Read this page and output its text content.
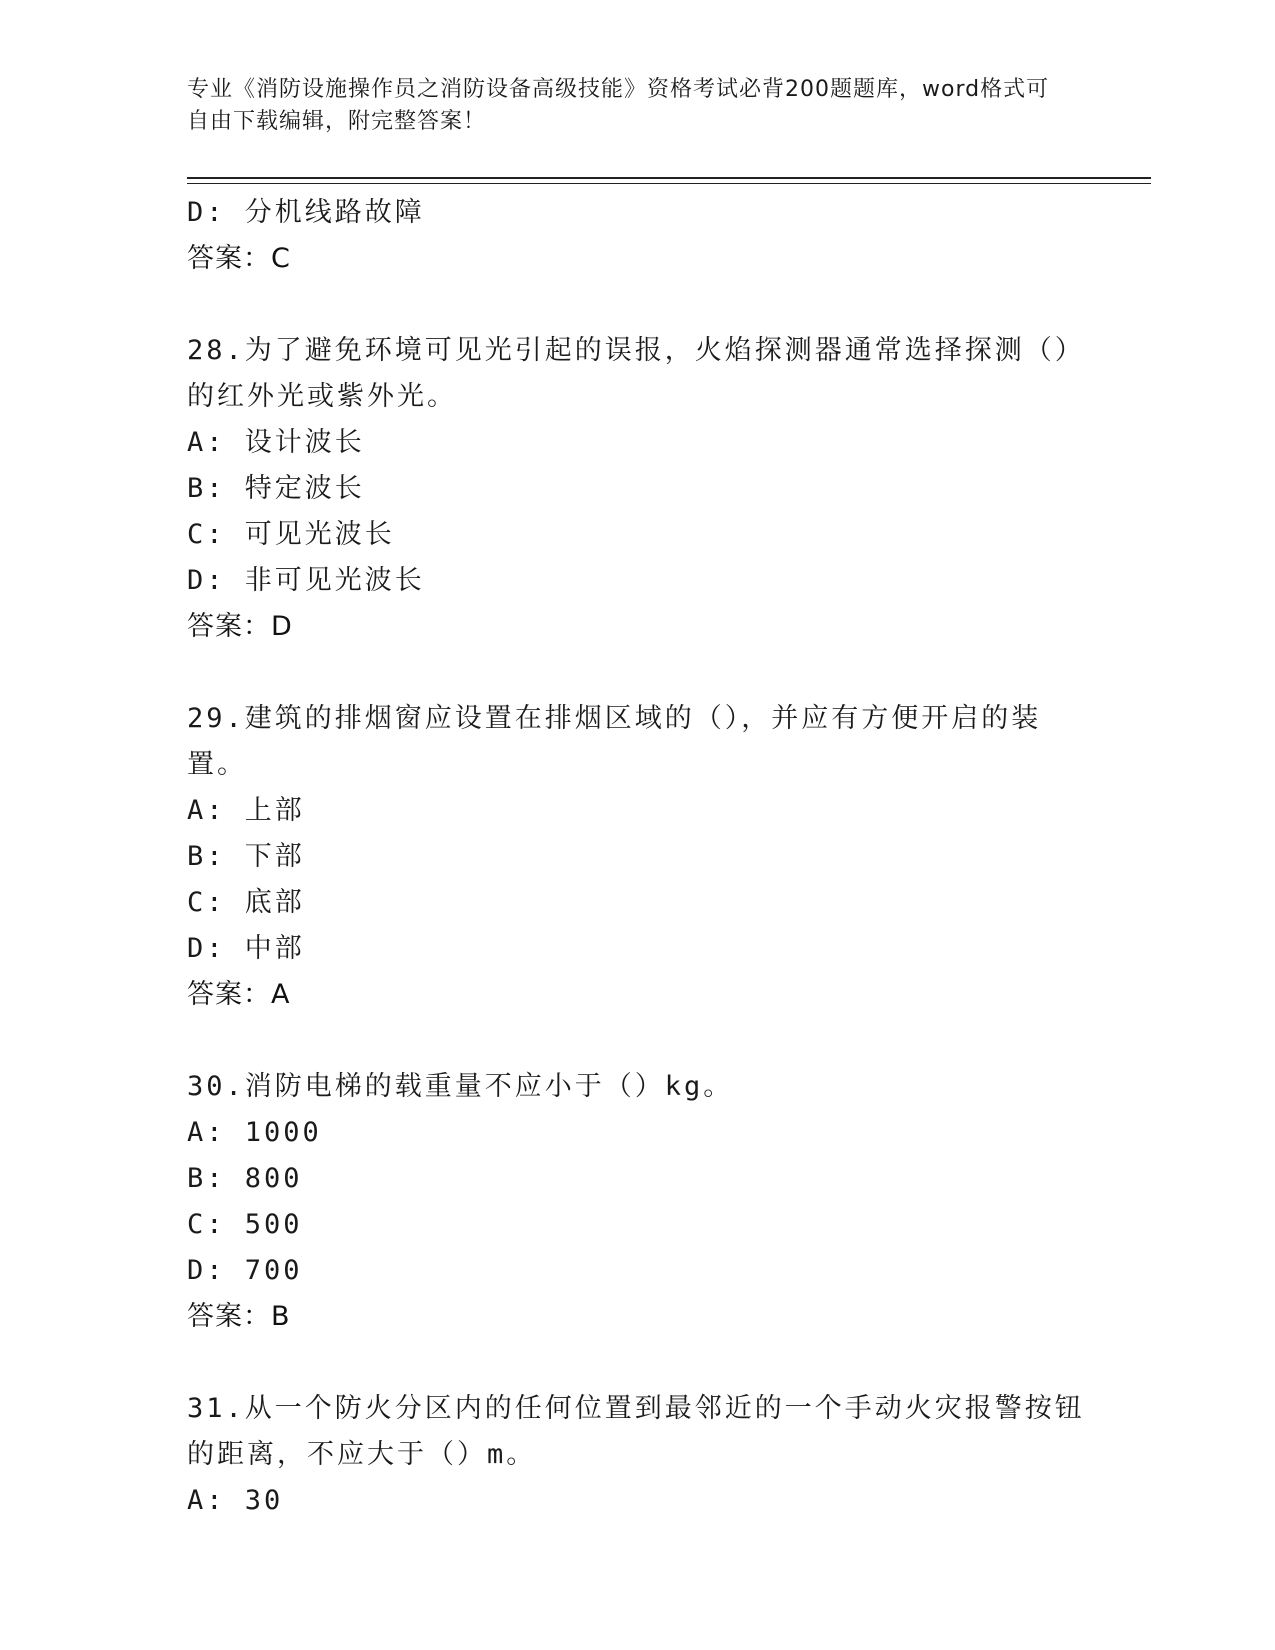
专业《消防设施操作员之消防设备高级技能》资格考试必背200题题库，word格式可自由下载编辑，附完整答案！
D: 分机线路故障
答案：C
28.为了避免环境可见光引起的误报，火焰探测器通常选择探测（）的红外光或紫外光。
A: 设计波长
B: 特定波长
C: 可见光波长
D: 非可见光波长
答案：D
29.建筑的排烟窗应设置在排烟区域的（），并应有方便开启的装置。
A: 上部
B: 下部
C: 底部
D: 中部
答案：A
30.消防电梯的载重量不应小于（）kg。
A: 1000
B: 800
C: 500
D: 700
答案：B
31.从一个防火分区内的任何位置到最邻近的一个手动火灾报警按钮的距离，不应大于（）m。
A: 30
